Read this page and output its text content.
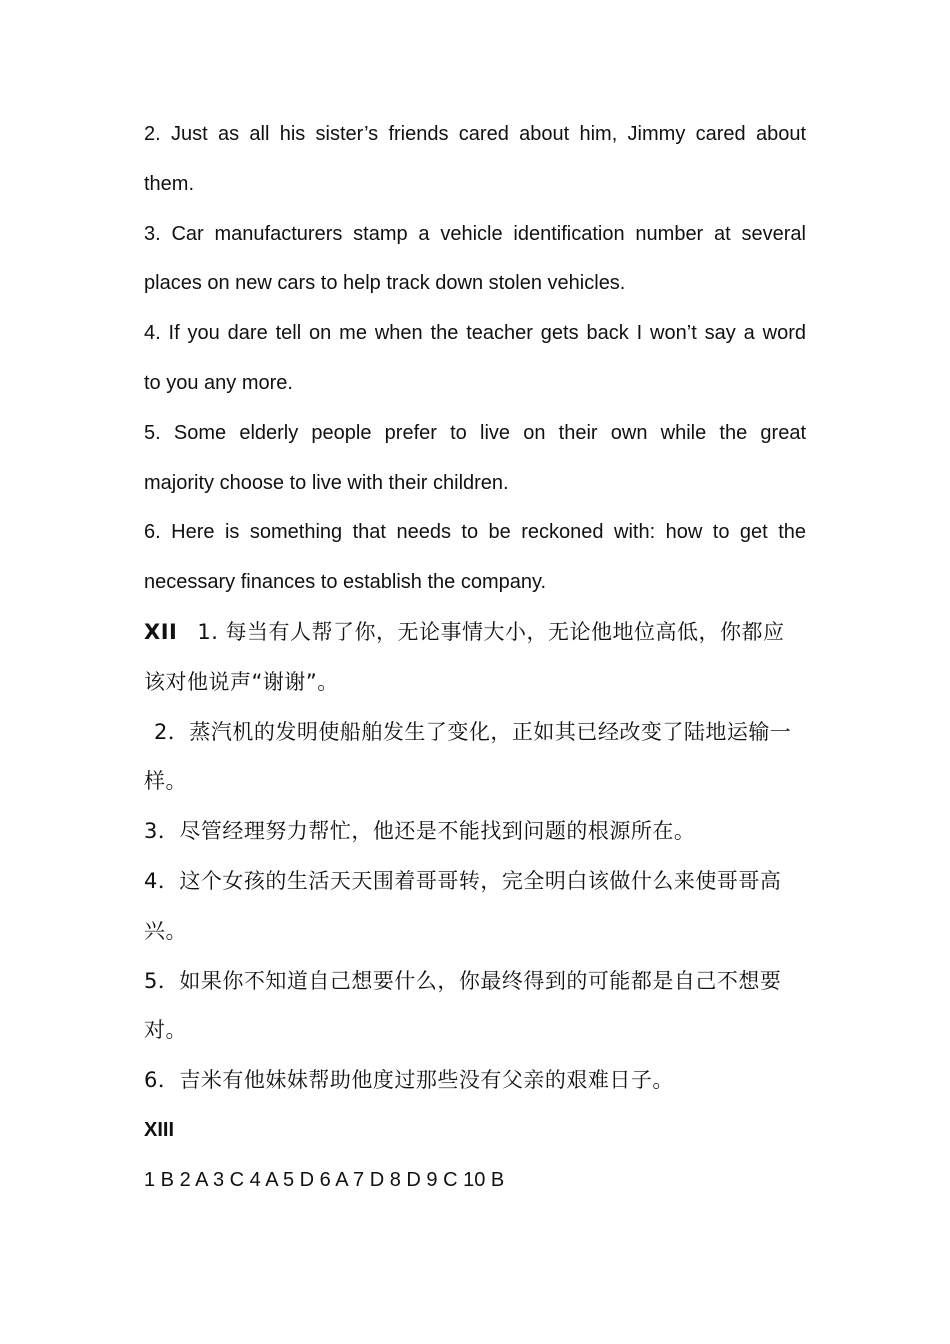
2. Just as all his sister’s friends cared about him, Jimmy cared about
them.
3. Car manufacturers stamp a vehicle identification number at several
places on new cars to help track down stolen vehicles.
4. If you dare tell on me when the teacher gets back I won’t say a word
to you any more.
5. Some elderly people prefer to live on their own while the great
majority choose to live with their children.
6. Here is something that needs to be reckoned with: how to get the
necessary finances to establish the company.
XII 1. 每当有人帮了你，无论事情大小，无论他地位高低，你都应
该对他说声“谢谢”。
2．蒸汽机的发明使船舶发生了变化，正如其已经改变了陆地运输一
样。
3．尽管经理努力帮忙，他还是不能找到问题的根源所在。
4．这个女孩的生活天天围着哥哥转，完全明白该做什么来使哥哥高
兴。
5．如果你不知道自己想要什么，你最终得到的可能都是自己不想要
对。
6．吉米有他妹妹帮助他度过那些没有父亲的艰难日子。
XIII
1 B 2 A 3 C 4 A 5 D 6 A 7 D 8 D 9 C 10 B
